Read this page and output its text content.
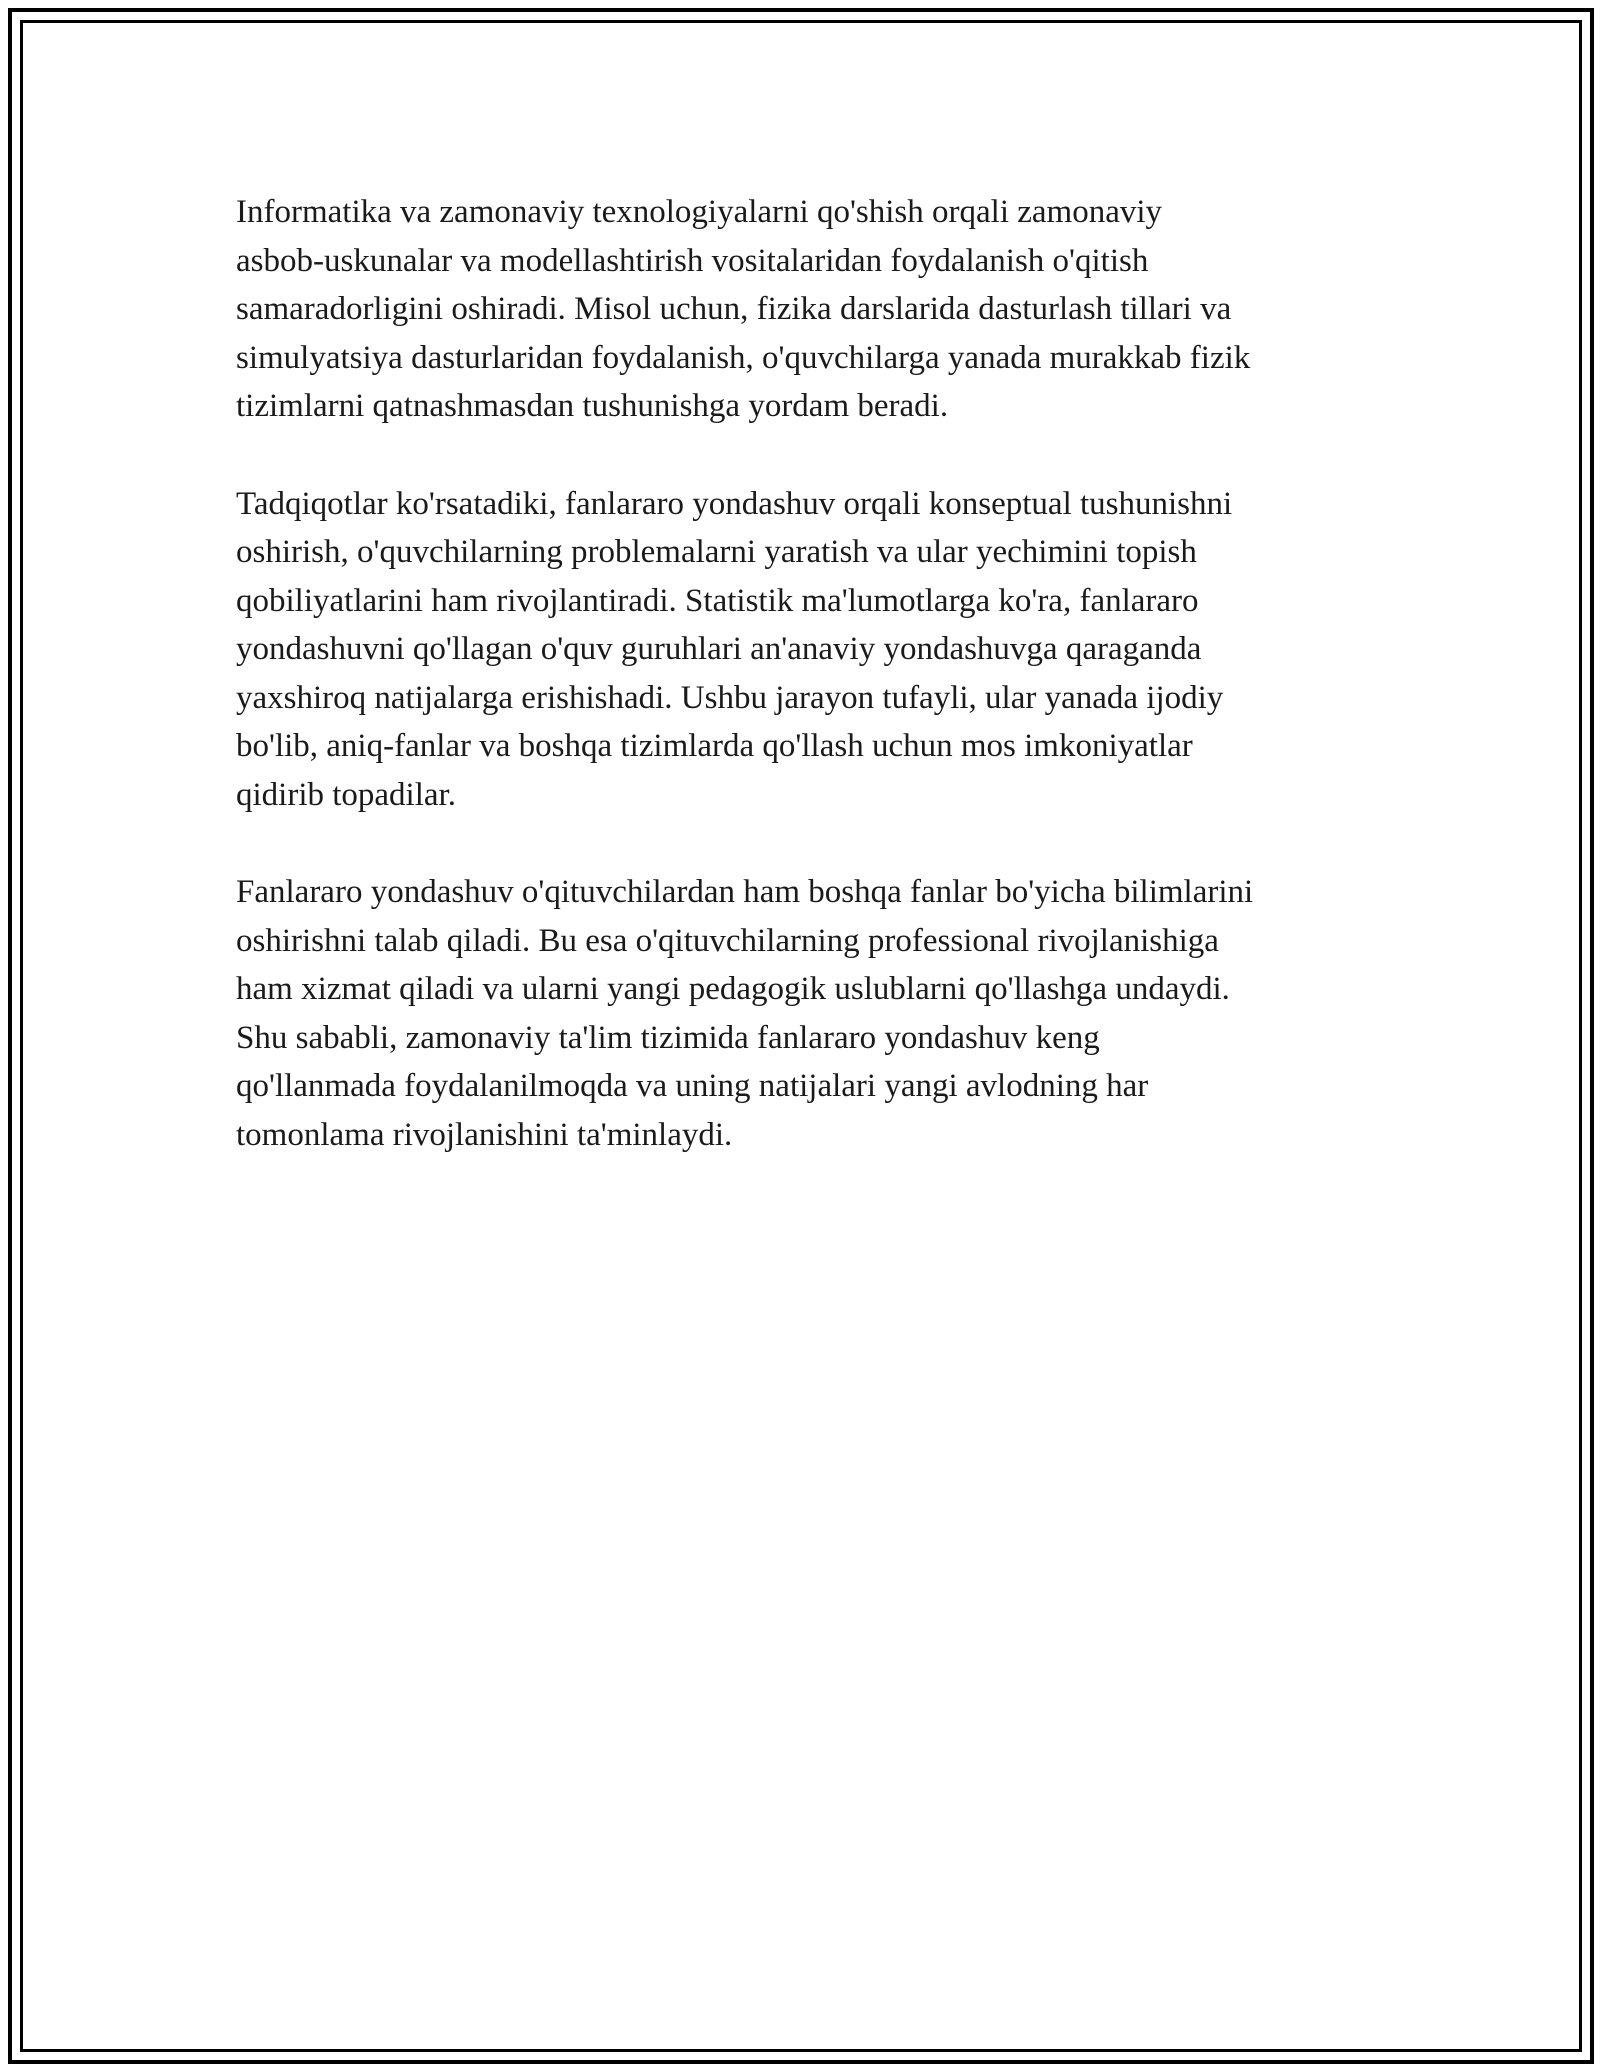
Informatika va zamonaviy texnologiyalarni qo'shish orqali zamonaviy
asbob-uskunalar va modellashtirish vositalaridan foydalanish o'qitish
samaradorligini oshiradi. Misol uchun, fizika darslarida dasturlash tillari va
simulyatsiya dasturlaridan foydalanish, o'quvchilarga yanada murakkab fizik
tizimlarni qatnashmasdan tushunishga yordam beradi.

Tadqiqotlar ko'rsatadiki, fanlararo yondashuv orqali konseptual tushunishni
oshirish, o'quvchilarning problemalarni yaratish va ular yechimini topish
qobiliyatlarini ham rivojlantiradi. Statistik ma'lumotlarga ko'ra, fanlararo
yondashuvni qo'llagan o'quv guruhlari an'anaviy yondashuvga qaraganda
yaxshiroq natijalarga erishishadi. Ushbu jarayon tufayli, ular yanada ijodiy
bo'lib, aniq-fanlar va boshqa tizimlarda qo'llash uchun mos imkoniyatlar
qidirib topadilar.

Fanlararo yondashuv o'qituvchilardan ham boshqa fanlar bo'yicha bilimlarini
oshirishni talab qiladi. Bu esa o'qituvchilarning professional rivojlanishiga
ham xizmat qiladi va ularni yangi pedagogik uslublarni qo'llashga undaydi.
Shu sababli, zamonaviy ta'lim tizimida fanlararo yondashuv keng
qo'llanmada foydalanilmoqda va uning natijalari yangi avlodning har
tomonlama rivojlanishini ta'minlaydi.
